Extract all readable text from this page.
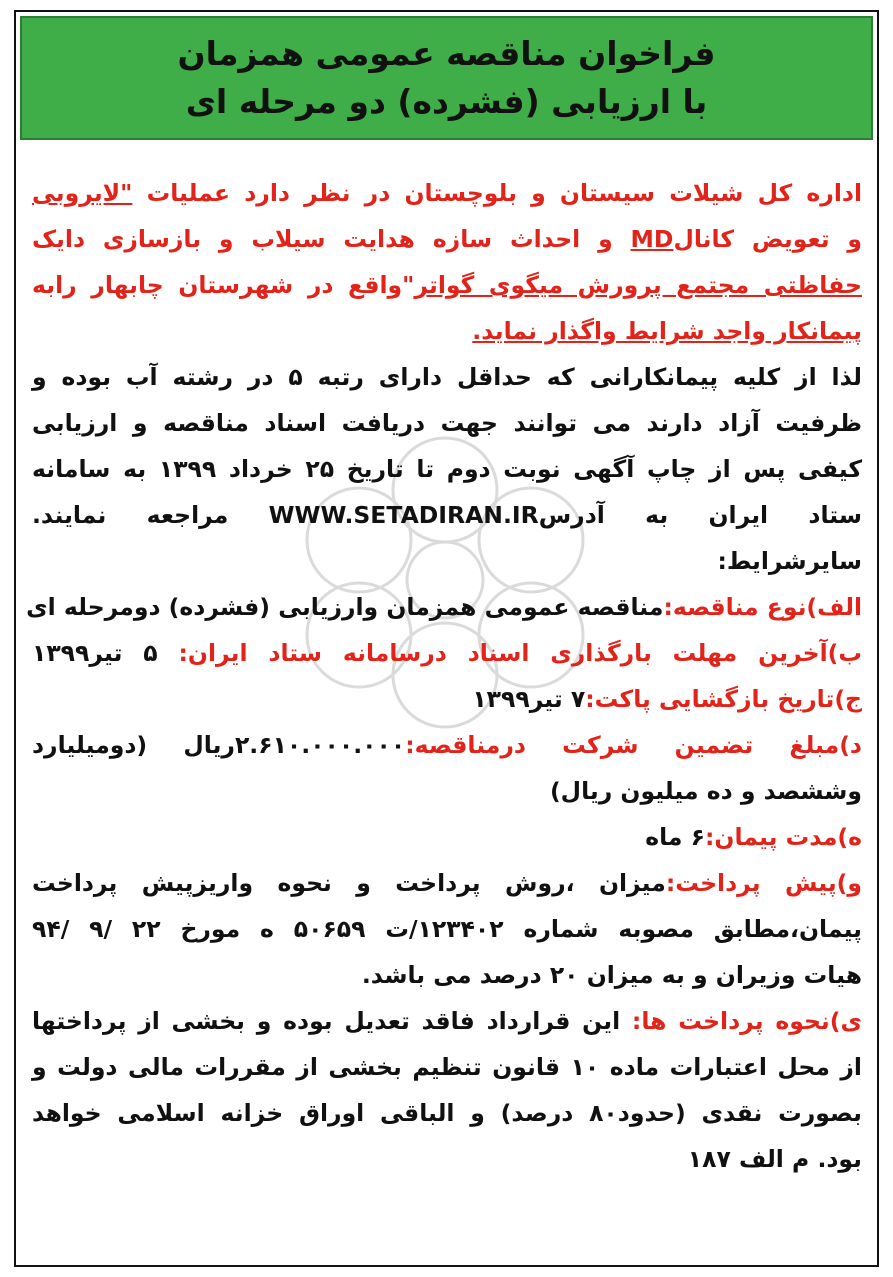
فراخوان مناقصه عمومی همزمان
با ارزیابی (فشرده) دو مرحله ای
اداره کل شیلات سیستان و بلوچستان در نظر دارد عملیات "لایروبی
و تعویض کانالMD و احداث سازه هدایت سیلاب و بازسازی دایک
حفاظتی مجتمع پرورش میگوی گواتر"واقع در شهرستان چابهار رابه
پیمانکار واجد شرایط واگذار نماید.
لذا از کلیه پیمانکارانی که حداقل دارای رتبه ۵ در رشته آب بوده و
ظرفیت آزاد دارند می توانند جهت دریافت اسناد مناقصه و ارزیابی
کیفی پس از چاپ آگهی نوبت دوم تا تاریخ ۲۵ خرداد ۱۳۹۹ به سامانه
ستاد ایران به آدرسWWW.SETADIRAN.IR مراجعه نمایند.
سایرشرایط:
الف)نوع مناقصه:مناقصه عمومی همزمان وارزیابی (فشرده) دومرحله ای
ب)آخرین مهلت بارگذاری اسناد درسامانه ستاد ایران: ۵ تیر۱۳۹۹
ج)تاریخ بازگشایی پاکت:۷ تیر۱۳۹۹
د)مبلغ تضمین شرکت درمناقصه:۲.۶۱۰.۰۰۰.۰۰۰ریال (دومیلیارد
وششصد و ده میلیون ریال)
ه)مدت پیمان:۶ ماه
و)پیش پرداخت:میزان ،روش پرداخت و نحوه واریزپیش پرداخت
پیمان،مطابق مصوبه شماره ۱۲۳۴۰۲/ت ۵۰۶۵۹ ه مورخ ۲۲ /۹ /۹۴
هیات وزیران و به میزان ۲۰ درصد می باشد.
ی)نحوه پرداخت ها: این قرارداد فاقد تعدیل بوده و بخشی از پرداختها
از محل اعتبارات ماده ۱۰ قانون تنظیم بخشی از مقررات مالی دولت و
بصورت نقدی (حدود۸۰ درصد) و الباقی اوراق خزانه اسلامی خواهد
بود. م الف ۱۸۷
